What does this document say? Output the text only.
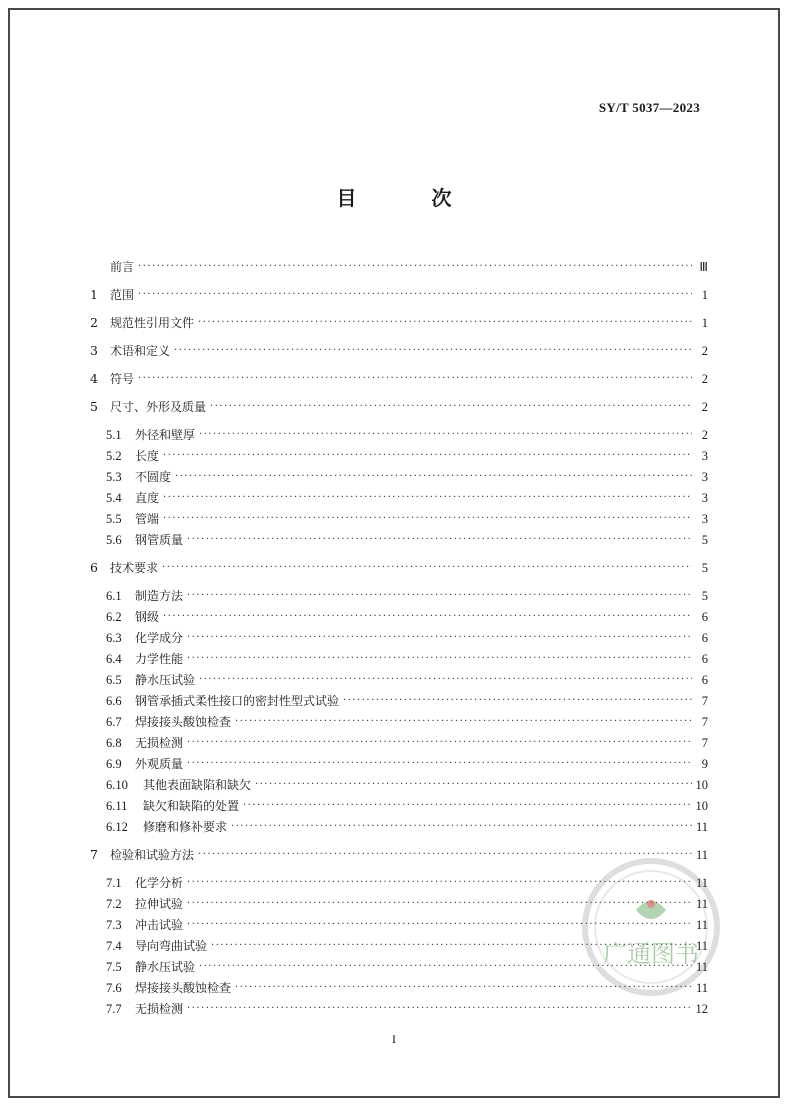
SY/T 5037—2023
目 次
前言 ·····	Ⅲ
1	范围 ·····	1
2	规范性引用文件 ·····	1
3	术语和定义 ·····	2
4	符号 ·····	2
5	尺寸、外形及质量 ·····	2
5.1	外径和壁厚 ·····	2
5.2	长度 ·····	3
5.3	不圆度 ·····	3
5.4	直度 ·····	3
5.5	管端 ·····	3
5.6	钢管质量 ·····	5
6	技术要求 ·····	5
6.1	制造方法 ·····	5
6.2	钢级 ·····	6
6.3	化学成分 ·····	6
6.4	力学性能 ·····	6
6.5	静水压试验 ·····	6
6.6	钢管承插式柔性接口的密封性型式试验 ·····	7
6.7	焊接接头酸蚀检查 ·····	7
6.8	无损检测 ·····	7
6.9	外观质量 ·····	9
6.10	其他表面缺陷和缺欠 ·····	10
6.11	缺欠和缺陷的处置 ·····	10
6.12	修磨和修补要求 ·····	11
7	检验和试验方法 ·····	11
7.1	化学分析 ·····	11
7.2	拉伸试验 ·····	11
7.3	冲击试验 ·····	11
7.4	导向弯曲试验 ·····	11
7.5	静水压试验 ·····	11
7.6	焊接接头酸蚀检查 ·····	11
7.7	无损检测 ·····	12
广通图书
I
